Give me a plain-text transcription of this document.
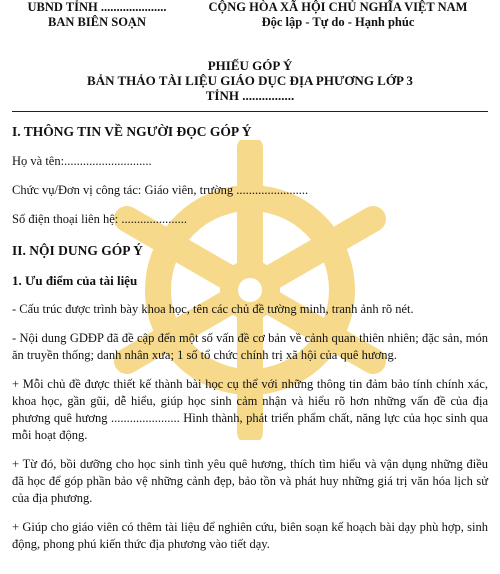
UBND TỈNH .....................	CỘNG HÒA XÃ HỘI CHỦ NGHĨA VIỆT NAM
BAN BIÊN SOẠN	Độc lập - Tự do - Hạnh phúc
PHIẾU GÓP Ý
BẢN THẢO TÀI LIỆU GIÁO DỤC ĐỊA PHƯƠNG LỚP 3
TỈNH ................
I. THÔNG TIN VỀ NGƯỜI ĐỌC GÓP Ý
Họ và tên:............................
Chức vụ/Đơn vị công tác: Giáo viên, trường .......................
Số điện thoại liên hệ: .....................
II. NỘI DUNG GÓP Ý
1. Ưu điểm của tài liệu
- Cấu trúc được trình bày khoa học, tên các chủ đề tường minh, tranh ảnh rõ nét.
- Nội dung GDĐP đã đề cập đến một số vấn đề cơ bản về cảnh quan thiên nhiên; đặc sản, món ăn truyền thống; danh nhân xưa; 1 số tổ chức chính trị xã hội của quê hương.
+ Mỗi chủ đề được thiết kế thành bài học cụ thể với những thông tin đảm bảo tính chính xác, khoa học, gần gũi, dễ hiểu, giúp học sinh cảm nhận và hiểu rõ hơn những vấn đề của địa phương quê hương ...................... Hình thành, phát triển phẩm chất, năng lực của học sinh qua mỗi hoạt động.
+ Từ đó, bồi dưỡng cho học sinh tình yêu quê hương, thích tìm hiểu và vận dụng những điều đã học để góp phần bảo vệ những cảnh đẹp, bảo tồn và phát huy những giá trị văn hóa lịch sử của địa phương.
+ Giúp cho giáo viên có thêm tài liệu để nghiên cứu, biên soạn kế hoạch bài dạy phù hợp, sinh động, phong phú kiến thức địa phương vào tiết dạy.
